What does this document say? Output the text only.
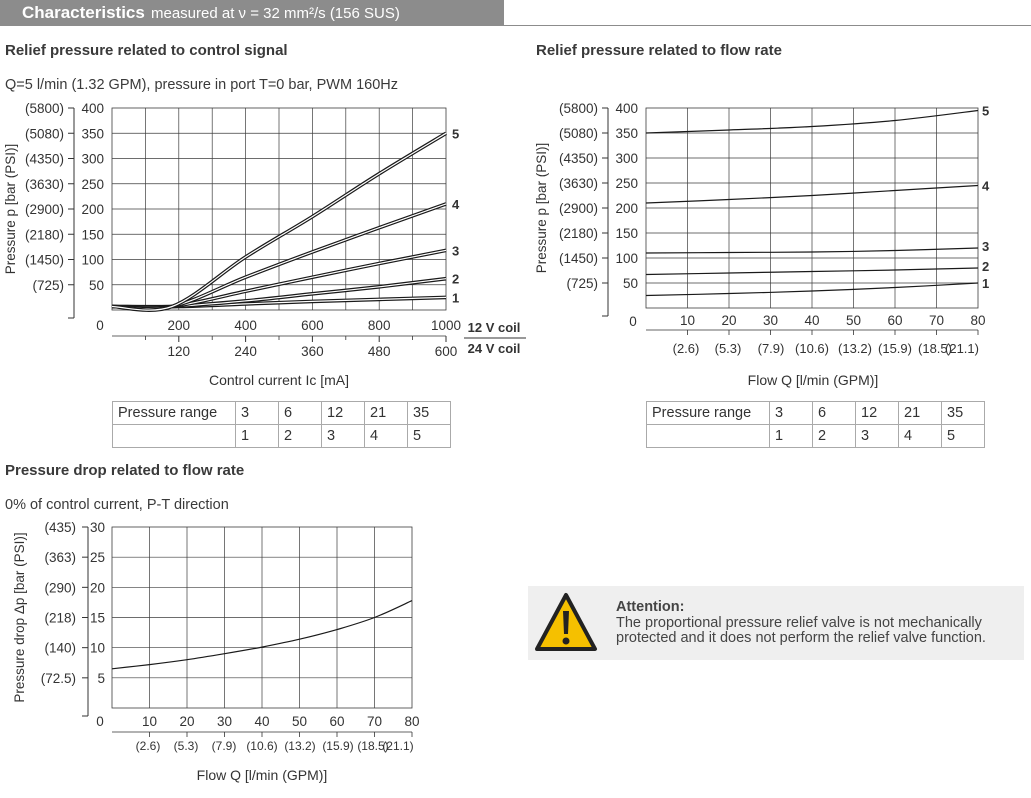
Characteristics measured at ν = 32 mm²/s (156 SUS)
Relief pressure related to control signal
Q=5 l/min (1.32 GPM), pressure in port T=0 bar, PWM 160Hz
Relief pressure related to flow rate
Pressure drop related to flow rate
0% of control current, P-T direction
50
(725)
100
(1450)
150
(2180)
200
(2900)
250
(3630)
300
(4350)
350
(5080)
400
(5800)
Pressure p [bar (PSI)]
0
1
2
3
4
5
200	400	600	800	1000
120	240	360	480	600
12 V coil
24 V coil
Control current Ic [mA]
50
(725)
100
(1450)
150
(2180)
200
(2900)
250
(3630)
300
(4350)
350
(5080)
400
(5800)
Pressure p [bar (PSI)]
0
1
2
3
4
5
10 20 30 40 50 60 70 80
(2.6) (5.3) (7.9) (10.6) (13.2) (15.9) (18.5)
(21.1)
Flow Q [l/min (GPM)]
5
(72.5)
10
(140)
15
(218)
20
(290)
25
(363)
30
(435)
Pressure drop Δp [bar (PSI)]
0	10 20 30 40 50 60 70 80
(2.6) (5.3) (7.9) (10.6) (13.2) (15.9) (18.5)
(21.1)
Flow Q [l/min (GPM)]
Pressure range	3	6	12	21	35
	1	2	3	4	5
Pressure range	3	6	12	21	35
	1	2	3	4	5
Attention:
The proportional pressure relief valve is not mechanically protected and it does not perform the relief valve function.
